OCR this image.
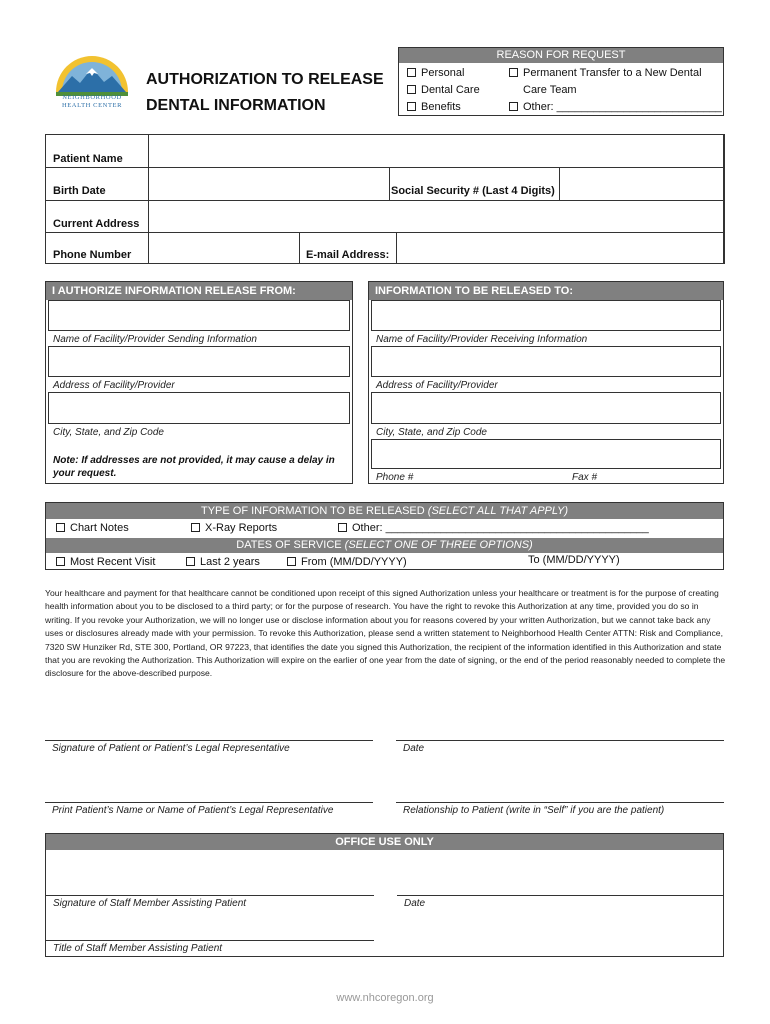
NEIGHBORHOOD
HEALTH CENTER
AUTHORIZATION TO RELEASE
DENTAL INFORMATION
REASON FOR REQUEST
Personal
Dental Care
Benefits
Permanent Transfer to a New Dental
Care Team
Other: ___________________________
Patient Name
Birth Date	Social Security # (Last 4 Digits)
Current Address
Phone Number	E-mail Address:
I AUTHORIZE INFORMATION RELEASE FROM:
Name of Facility/Provider Sending Information
Address of Facility/Provider
City, State, and Zip Code
Note: If addresses are not provided, it may cause a delay in your request.
INFORMATION TO BE RELEASED TO:
Name of Facility/Provider Receiving Information
Address of Facility/Provider
City, State, and Zip Code
Phone #	Fax #
TYPE OF INFORMATION TO BE RELEASED (SELECT ALL THAT APPLY)
Chart Notes	X-Ray Reports	Other: ___________________________________________
DATES OF SERVICE (SELECT ONE OF THREE OPTIONS)
Most Recent Visit	Last 2 years	From (MM/DD/YYYY)	To (MM/DD/YYYY)

Your healthcare and payment for that healthcare cannot be conditioned upon receipt of this signed Authorization unless your healthcare or treatment is for the purpose of creating health information about you to be disclosed to a third party; or for the purpose of research. You have the right to revoke this Authorization at any time, provided you do so in writing. If you revoke your Authorization, we will no longer use or disclose information about you for reasons covered by your written Authorization, but we cannot take back any uses or disclosures already made with your permission. To revoke this Authorization, please send a written statement to Neighborhood Health Center ATTN: Risk and Compliance, 7320 SW Hunziker Rd, STE 300, Portland, OR 97223, that identifies the date you signed this Authorization, the recipient of the information identified in this Authorization and state that you are revoking the Authorization. This Authorization will expire on the earlier of one year from the date of signing, or the end of the period reasonably needed to complete the disclosure for the above-described purpose.

Signature of Patient or Patient’s Legal Representative	Date
Print Patient’s Name or Name of Patient’s Legal Representative	Relationship to Patient (write in “Self” if you are the patient)
OFFICE USE ONLY
Signature of Staff Member Assisting Patient	Date
Title of Staff Member Assisting Patient
www.nhcoregon.org
